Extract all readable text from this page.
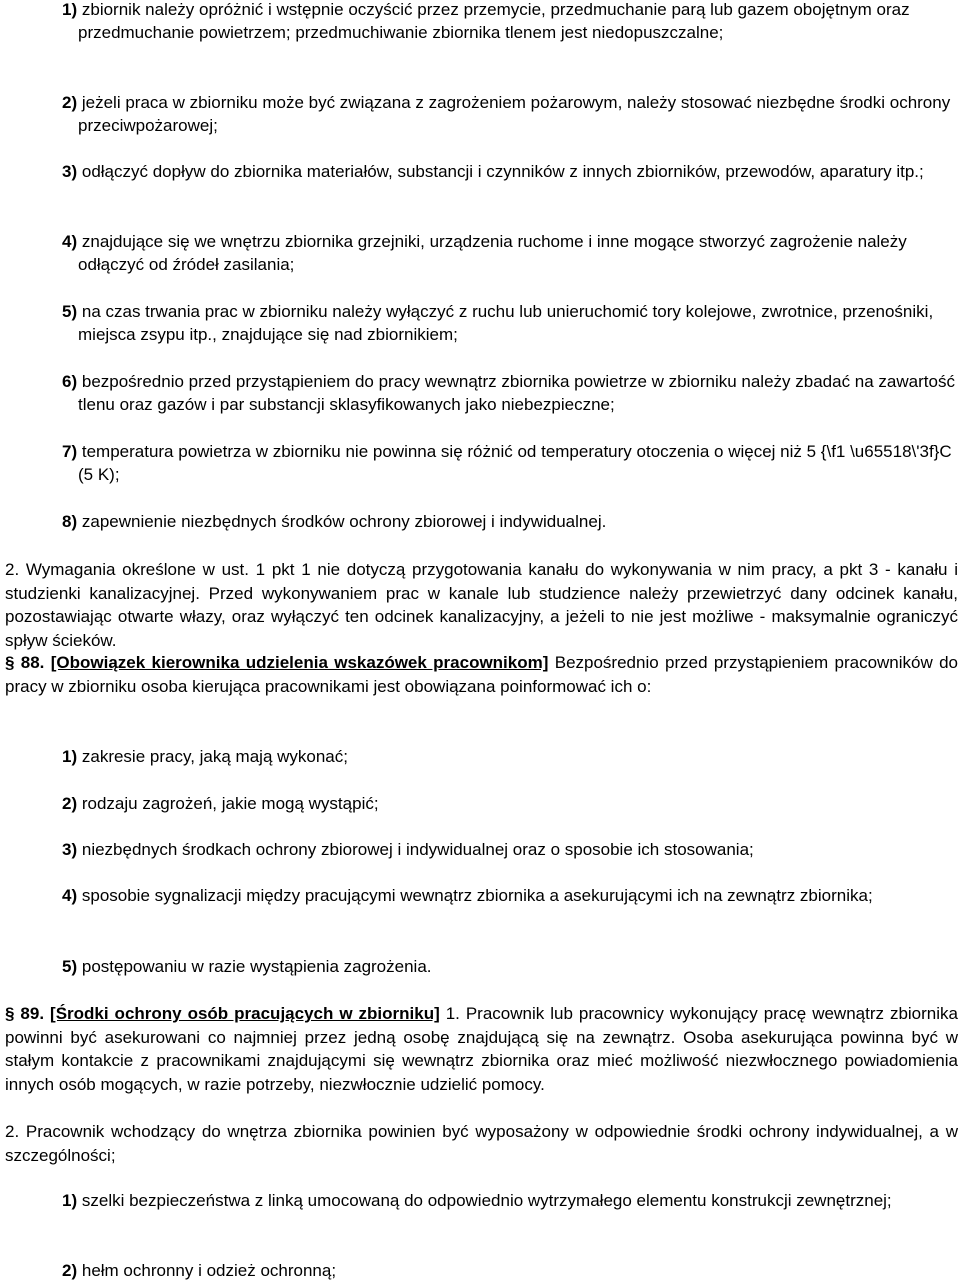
1) zbiornik należy opróżnić i wstępnie oczyścić przez przemycie, przedmuchanie parą lub gazem obojętnym oraz przedmuchanie powietrzem; przedmuchiwanie zbiornika tlenem jest niedopuszczalne;
2) jeżeli praca w zbiorniku może być związana z zagrożeniem pożarowym, należy stosować niezbędne środki ochrony przeciwpożarowej;
3) odłączyć dopływ do zbiornika materiałów, substancji i czynników z innych zbiorników, przewodów, aparatury itp.;
4) znajdujące się we wnętrzu zbiornika grzejniki, urządzenia ruchome i inne mogące stworzyć zagrożenie należy odłączyć od źródeł zasilania;
5) na czas trwania prac w zbiorniku należy wyłączyć z ruchu lub unieruchomić tory kolejowe, zwrotnice, przenośniki, miejsca zsypu itp., znajdujące się nad zbiornikiem;
6) bezpośrednio przed przystąpieniem do pracy wewnątrz zbiornika powietrze w zbiorniku należy zbadać na zawartość tlenu oraz gazów i par substancji sklasyfikowanych jako niebezpieczne;
7) temperatura powietrza w zbiorniku nie powinna się różnić od temperatury otoczenia o więcej niż 5 {\f1 \u65518\'3f}C (5 K);
8) zapewnienie niezbędnych środków ochrony zbiorowej i indywidualnej.
2. Wymagania określone w ust. 1 pkt 1 nie dotyczą przygotowania kanału do wykonywania w nim pracy, a pkt 3 - kanału i studzienki kanalizacyjnej. Przed wykonywaniem prac w kanale lub studzience należy przewietrzyć dany odcinek kanału, pozostawiając otwarte włazy, oraz wyłączyć ten odcinek kanalizacyjny, a jeżeli to nie jest możliwe - maksymalnie ograniczyć spływ ścieków.
§ 88. [Obowiązek kierownika udzielenia wskazówek pracownikom] Bezpośrednio przed przystąpieniem pracowników do pracy w zbiorniku osoba kierująca pracownikami jest obowiązana poinformować ich o:
1) zakresie pracy, jaką mają wykonać;
2) rodzaju zagrożeń, jakie mogą wystąpić;
3) niezbędnych środkach ochrony zbiorowej i indywidualnej oraz o sposobie ich stosowania;
4) sposobie sygnalizacji między pracującymi wewnątrz zbiornika a asekurującymi ich na zewnątrz zbiornika;
5) postępowaniu w razie wystąpienia zagrożenia.
§ 89. [Środki ochrony osób pracujących w zbiorniku] 1. Pracownik lub pracownicy wykonujący pracę wewnątrz zbiornika powinni być asekurowani co najmniej przez jedną osobę znajdującą się na zewnątrz. Osoba asekurująca powinna być w stałym kontakcie z pracownikami znajdującymi się wewnątrz zbiornika oraz mieć możliwość niezwłocznego powiadomienia innych osób mogących, w razie potrzeby, niezwłocznie udzielić pomocy.
2. Pracownik wchodzący do wnętrza zbiornika powinien być wyposażony w odpowiednie środki ochrony indywidualnej, a w szczególności;
1) szelki bezpieczeństwa z linką umocowaną do odpowiednio wytrzymałego elementu konstrukcji zewnętrznej;
2) hełm ochronny i odzież ochronną;
